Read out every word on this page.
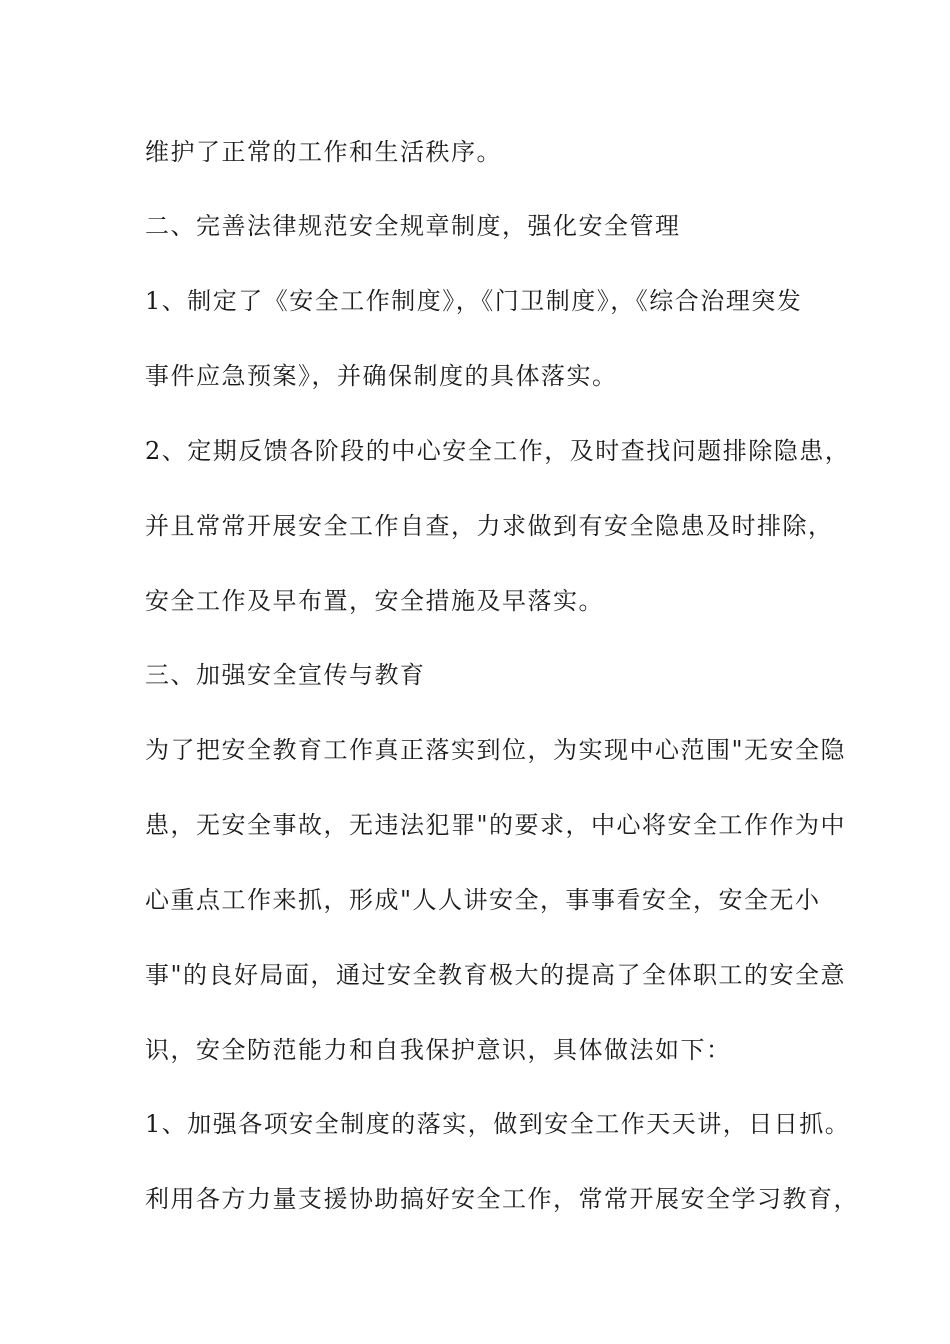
维护了正常的工作和生活秩序。
二、完善法律规范安全规章制度，强化安全管理
1、制定了《安全工作制度》，《门卫制度》，《综合治理突发
事件应急预案》，并确保制度的具体落实。
2、定期反馈各阶段的中心安全工作，及时查找问题排除隐患，
并且常常开展安全工作自查，力求做到有安全隐患及时排除，
安全工作及早布置，安全措施及早落实。
三、加强安全宣传与教育
为了把安全教育工作真正落实到位，为实现中心范围"无安全隐
患，无安全事故，无违法犯罪"的要求，中心将安全工作作为中
心重点工作来抓，形成"人人讲安全，事事看安全，安全无小
事"的良好局面，通过安全教育极大的提高了全体职工的安全意
识，安全防范能力和自我保护意识，具体做法如下：
1、加强各项安全制度的落实，做到安全工作天天讲，日日抓。
利用各方力量支援协助搞好安全工作，常常开展安全学习教育，
